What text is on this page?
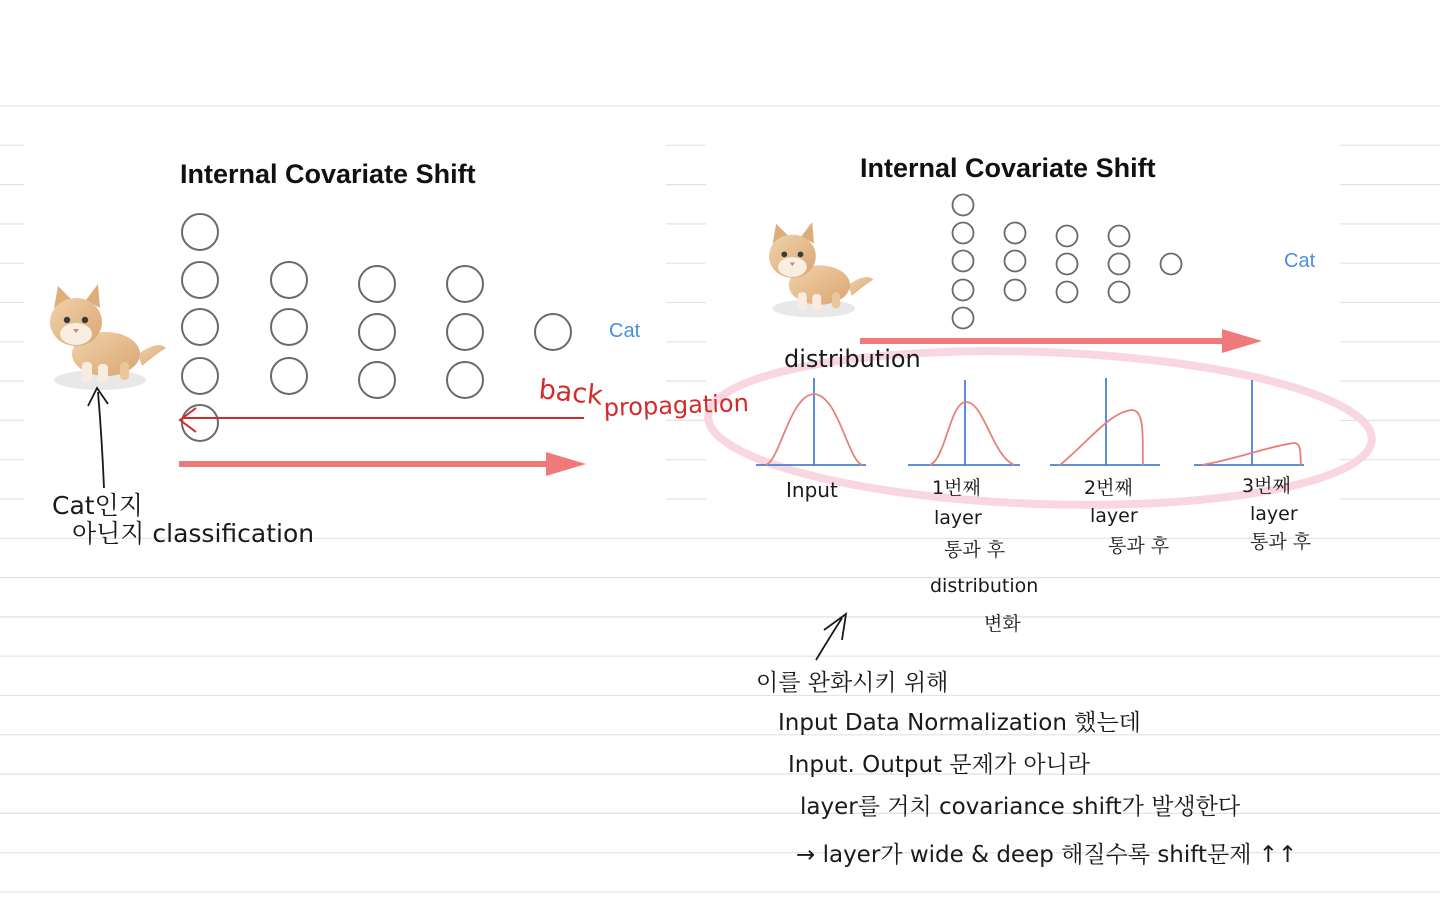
Internal Covariate Shift
Cat
Internal Covariate Shift
Cat
back
propagation
Cat인지
아닌지 classification
distribution
Input	1번째
layer
통과 후
distribution
변화
2번째
layer
통과 후
3번째
layer
통과 후
이를 완화시키 위해
Input Data Normalization 했는데
Input. Output 문제가 아니라
layer를 거치 covariance shift가 발생한다
→ layer가 wide & deep 해질수록 shift문제 ↑↑
